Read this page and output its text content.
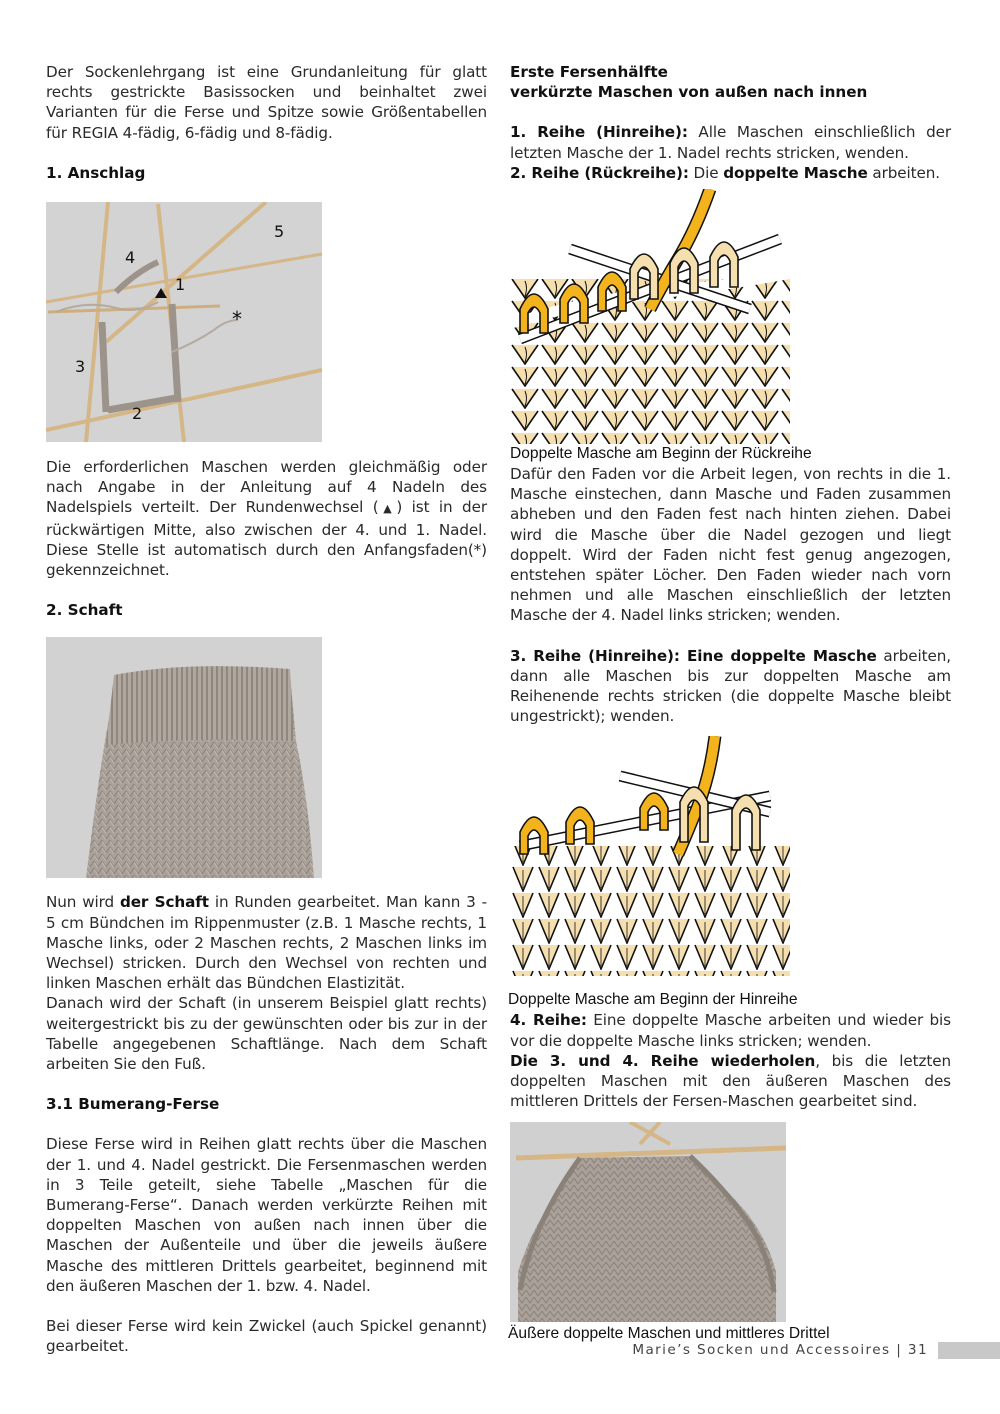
Der Sockenlehrgang ist eine Grundanleitung für glatt rechts gestrickte Basissocken und beinhaltet zwei Varianten für die Ferse und Spitze sowie Größentabellen für REGIA 4-fädig, 6-fädig und 8-fädig.

1. Anschlag
4
1
5
*
3
2

Die erforderlichen Maschen werden gleichmäßig oder nach Angabe in der Anleitung auf 4 Nadeln des Nadelspiels verteilt. Der Rundenwechsel (▲) ist in der rückwärtigen Mitte, also zwischen der 4. und 1. Nadel. Diese Stelle ist automatisch durch den Anfangsfaden(*) gekennzeichnet.

2. Schaft

Nun wird der Schaft in Runden gearbeitet. Man kann 3 - 5 cm Bündchen im Rippenmuster (z.B. 1 Masche rechts, 1 Masche links, oder 2 Maschen rechts, 2 Maschen links im Wechsel) stricken. Durch den Wechsel von rechten und linken Maschen erhält das Bündchen Elastizität.

Danach wird der Schaft (in unserem Beispiel glatt rechts) weitergestrickt bis zu der gewünschten oder bis zur in der Tabelle angegebenen Schaftlänge. Nach dem Schaft arbeiten Sie den Fuß.

3.1 Bumerang-Ferse

Diese Ferse wird in Reihen glatt rechts über die Maschen der 1. und 4. Nadel gestrickt. Die Fersenmaschen werden in 3 Teile geteilt, siehe Tabelle „Maschen für die Bumerang-Ferse“. Danach werden verkürzte Reihen mit doppelten Maschen von außen nach innen über die Maschen der Außenteile und über die jeweils äußere Masche des mittleren Drittels gearbeitet, beginnend mit den äußeren Maschen der 1. bzw. 4. Nadel.

Bei dieser Ferse wird kein Zwickel (auch Spickel genannt) gearbeitet.

Erste Fersenhälfte
verkürzte Maschen von außen nach innen

1. Reihe (Hinreihe): Alle Maschen einschließlich der letzten Masche der 1. Nadel rechts stricken, wenden.

2. Reihe (Rückreihe): Die doppelte Masche arbeiten.

Doppelte Masche am Beginn der Rückreihe

Dafür den Faden vor die Arbeit legen, von rechts in die 1. Masche einstechen, dann Masche und Faden zusammen abheben und den Faden fest nach hinten ziehen. Dabei wird die Masche über die Nadel gezogen und liegt doppelt. Wird der Faden nicht fest genug angezogen, entstehen später Löcher. Den Faden wieder nach vorn nehmen und alle Maschen einschließlich der letzten Masche der 4. Nadel links stricken; wenden.

3. Reihe (Hinreihe): Eine doppelte Masche arbeiten, dann alle Maschen bis zur doppelten Masche am Reihenende rechts stricken (die doppelte Masche bleibt ungestrickt); wenden.

Doppelte Masche am Beginn der Hinreihe

4. Reihe: Eine doppelte Masche arbeiten und wieder bis vor die doppelte Masche links stricken; wenden.

Die 3. und 4. Reihe wiederholen, bis die letzten doppelten Maschen mit den äußeren Maschen des mittleren Drittels der Fersen-Maschen gearbeitet sind.

Äußere doppelte Maschen und mittleres Drittel
Marie’s Socken und Accessoires | 31
